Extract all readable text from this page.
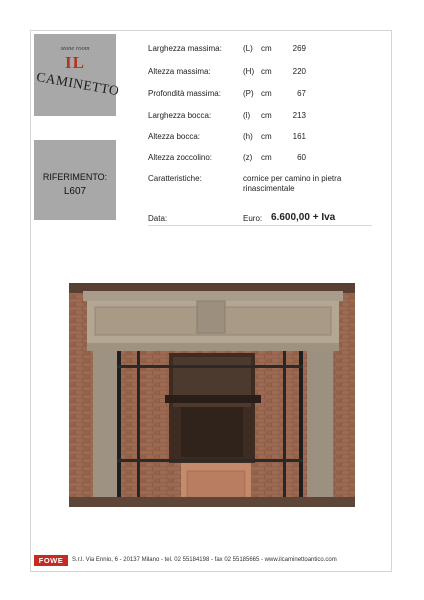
stone room
IL
CAMINETTO
RIFERIMENTO:
L607
Larghezza massima:	(L) cm	269
Altezza massima:	(H) cm	220
Profondità massima:	(P) cm	67
Larghezza bocca:	(l) cm	213
Altezza bocca:	(h) cm	161
Altezza zoccolino:	(z) cm	60
Caratteristiche:	cornice per camino in pietra
rinascimentale
Data:	Euro: 6.600,00 + Iva
FOWE	S.r.l. Via Ennio, 6 - 20137 Milano - tel. 02 55184198 - fax 02 55185665 - www.ilcaminettoantico.com
